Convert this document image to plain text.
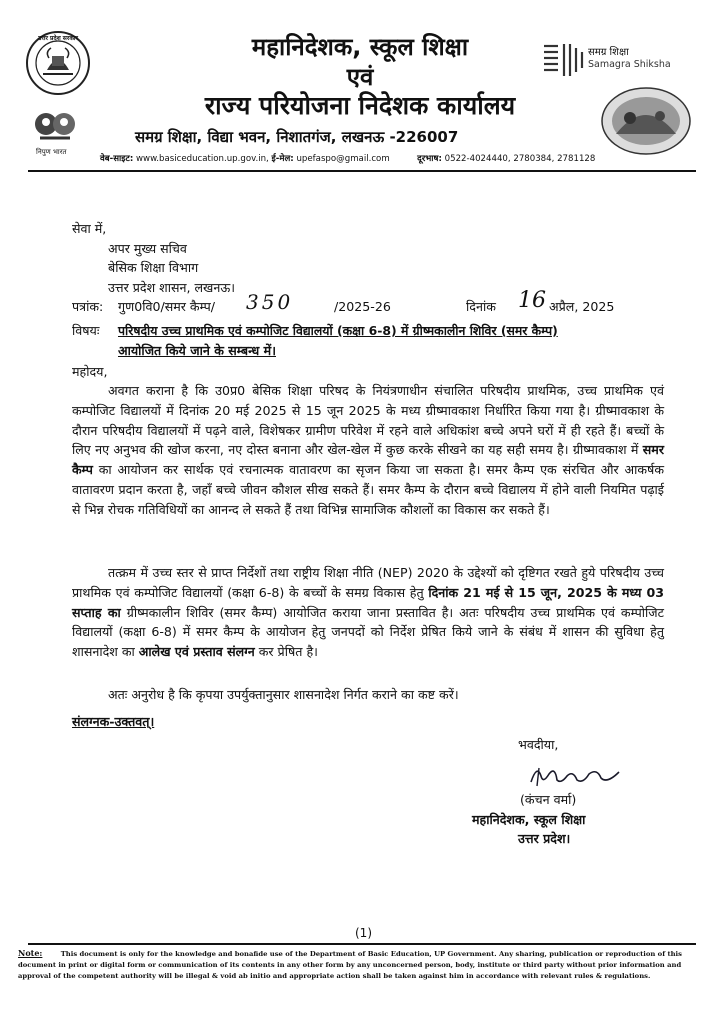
उत्तर प्रदेश सरकार
निपुण भारत
महानिदेशक, स्कूल शिक्षा
एवं
राज्य परियोजना निदेशक कार्यालय
समग्र शिक्षा, विद्या भवन, निशातगंज, लखनऊ -226007
वेब-साइट: www.basiceducation.up.gov.in, ई-मेल: upefaspo@gmail.com	दूरभाष: 0522-4024440, 2780384, 2781128
समग्र शिक्षा
Samagra Shiksha
सेवा में,
अपर मुख्य सचिव
बेसिक शिक्षा विभाग
उत्तर प्रदेश शासन, लखनऊ।
पत्रांक: गुण0वि0/समर कैम्प/ 350	/2025-26	दिनांक 16 अप्रैल, 2025
विषयः परिषदीय उच्च प्राथमिक एवं कम्पोजिट विद्यालयों (कक्षा 6-8) में ग्रीष्मकालीन शिविर (समर कैम्प)
आयोजित किये जाने के सम्बन्ध में।
महोदय,
अवगत कराना है कि उ0प्र0 बेसिक शिक्षा परिषद के नियंत्रणाधीन संचालित परिषदीय प्राथमिक, उच्च प्राथमिक एवं कम्पोजिट विद्यालयों में दिनांक 20 मई 2025 से 15 जून 2025 के मध्य ग्रीष्मावकाश निर्धारित किया गया है। ग्रीष्मावकाश के दौरान परिषदीय विद्यालयों में पढ़ने वाले, विशेषकर ग्रामीण परिवेश में रहने वाले अधिकांश बच्चे अपने घरों में ही रहते हैं। बच्चों के लिए नए अनुभव की खोज करना, नए दोस्त बनाना और खेल-खेल में कुछ करके सीखने का यह सही समय है। ग्रीष्मावकाश में समर कैम्प का आयोजन कर सार्थक एवं रचनात्मक वातावरण का सृजन किया जा सकता है। समर कैम्प एक संरचित और आकर्षक वातावरण प्रदान करता है, जहाँ बच्चे जीवन कौशल सीख सकते हैं। समर कैम्प के दौरान बच्चे विद्यालय में होने वाली नियमित पढ़ाई से भिन्न रोचक गतिविधियों का आनन्द ले सकते हैं तथा विभिन्न सामाजिक कौशलों का विकास कर सकते हैं।
तत्क्रम में उच्च स्तर से प्राप्त निर्देशों तथा राष्ट्रीय शिक्षा नीति (NEP) 2020 के उद्देश्यों को दृष्टिगत रखते हुये परिषदीय उच्च प्राथमिक एवं कम्पोजिट विद्यालयों (कक्षा 6-8) के बच्चों के समग्र विकास हेतु दिनांक 21 मई से 15 जून, 2025 के मध्य 03 सप्ताह का ग्रीष्मकालीन शिविर (समर कैम्प) आयोजित कराया जाना प्रस्तावित है। अतः परिषदीय उच्च प्राथमिक एवं कम्पोजिट विद्यालयों (कक्षा 6-8) में समर कैम्प के आयोजन हेतु जनपदों को निर्देश प्रेषित किये जाने के संबंध में शासन की सुविधा हेतु शासनादेश का आलेख एवं प्रस्ताव संलग्न कर प्रेषित है।
अतः अनुरोध है कि कृपया उपर्युक्तानुसार शासनादेश निर्गत कराने का कष्ट करें।
संलग्नक-उक्तवत्।
भवदीया,
(कंचन वर्मा)
महानिदेशक, स्कूल शिक्षा
उत्तर प्रदेश।
(1)
Note:	This document is only for the knowledge and bonafide use of the Department of Basic Education, UP Government. Any sharing, publication or reproduction of this document in print or digital form or communication of its contents in any other form by any unconcerned person, body, institute or third party without prior information and approval of the competent authority will be illegal & void ab initio and appropriate action shall be taken against him in accordance with relevant rules & regulations.
